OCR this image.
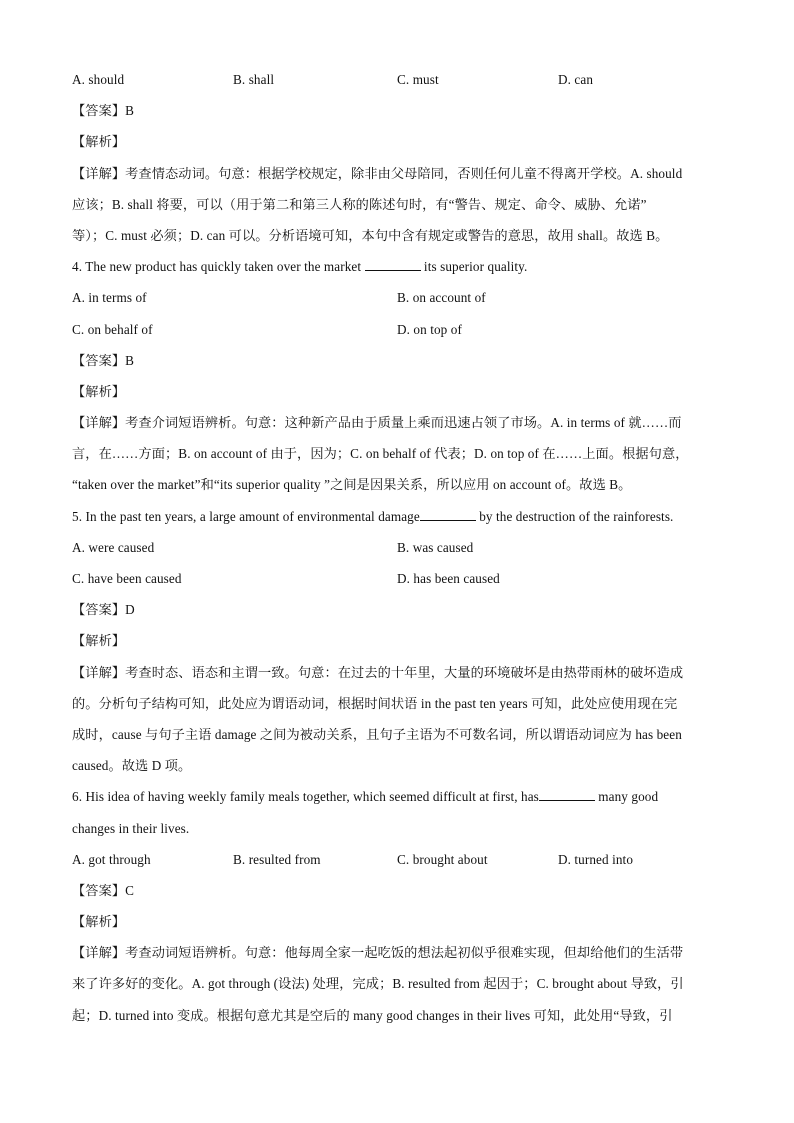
A. should	B. shall	C. must	D. can
【答案】B
【解析】
【详解】考查情态动词。句意：根据学校规定，除非由父母陪同，否则任何儿童不得离开学校。A. should
应该；B. shall 将要，可以（用于第二和第三人称的陈述句时，有“警告、规定、命令、威胁、允诺”
等）；C. must 必须；D. can 可以。分析语境可知，本句中含有规定或警告的意思，故用 shall。故选 B。
4. The new product has quickly taken over the market	its superior quality.
A. in terms of	B. on account of
C. on behalf of	D. on top of
【答案】B
【解析】
【详解】考查介词短语辨析。句意：这种新产品由于质量上乘而迅速占领了市场。A. in terms of 就……而
言，在……方面；B. on account of 由于，因为；C. on behalf of 代表；D. on top of 在……上面。根据句意，
“taken over the market”和“its superior quality ”之间是因果关系，所以应用 on account of。故选 B。
5. In the past ten years, a large amount of environmental damage	by the destruction of the rainforests.
A. were caused	B. was caused
C. have been caused	D. has been caused
【答案】D
【解析】
【详解】考查时态、语态和主谓一致。句意：在过去的十年里，大量的环境破坏是由热带雨林的破坏造成
的。分析句子结构可知，此处应为谓语动词，根据时间状语 in the past ten years 可知，此处应使用现在完
成时，cause 与句子主语 damage 之间为被动关系，且句子主语为不可数名词，所以谓语动词应为 has been
caused。故选 D 项。
6. His idea of having weekly family meals together, which seemed difficult at first, has	many good
changes in their lives.
A. got through	B. resulted from	C. brought about	D. turned into
【答案】C
【解析】
【详解】考查动词短语辨析。句意：他每周全家一起吃饭的想法起初似乎很难实现，但却给他们的生活带
来了许多好的变化。A. got through (设法) 处理，完成；B. resulted from 起因于；C. brought about 导致，引
起；D. turned into 变成。根据句意尤其是空后的 many good changes in their lives 可知，此处用“导致，引
